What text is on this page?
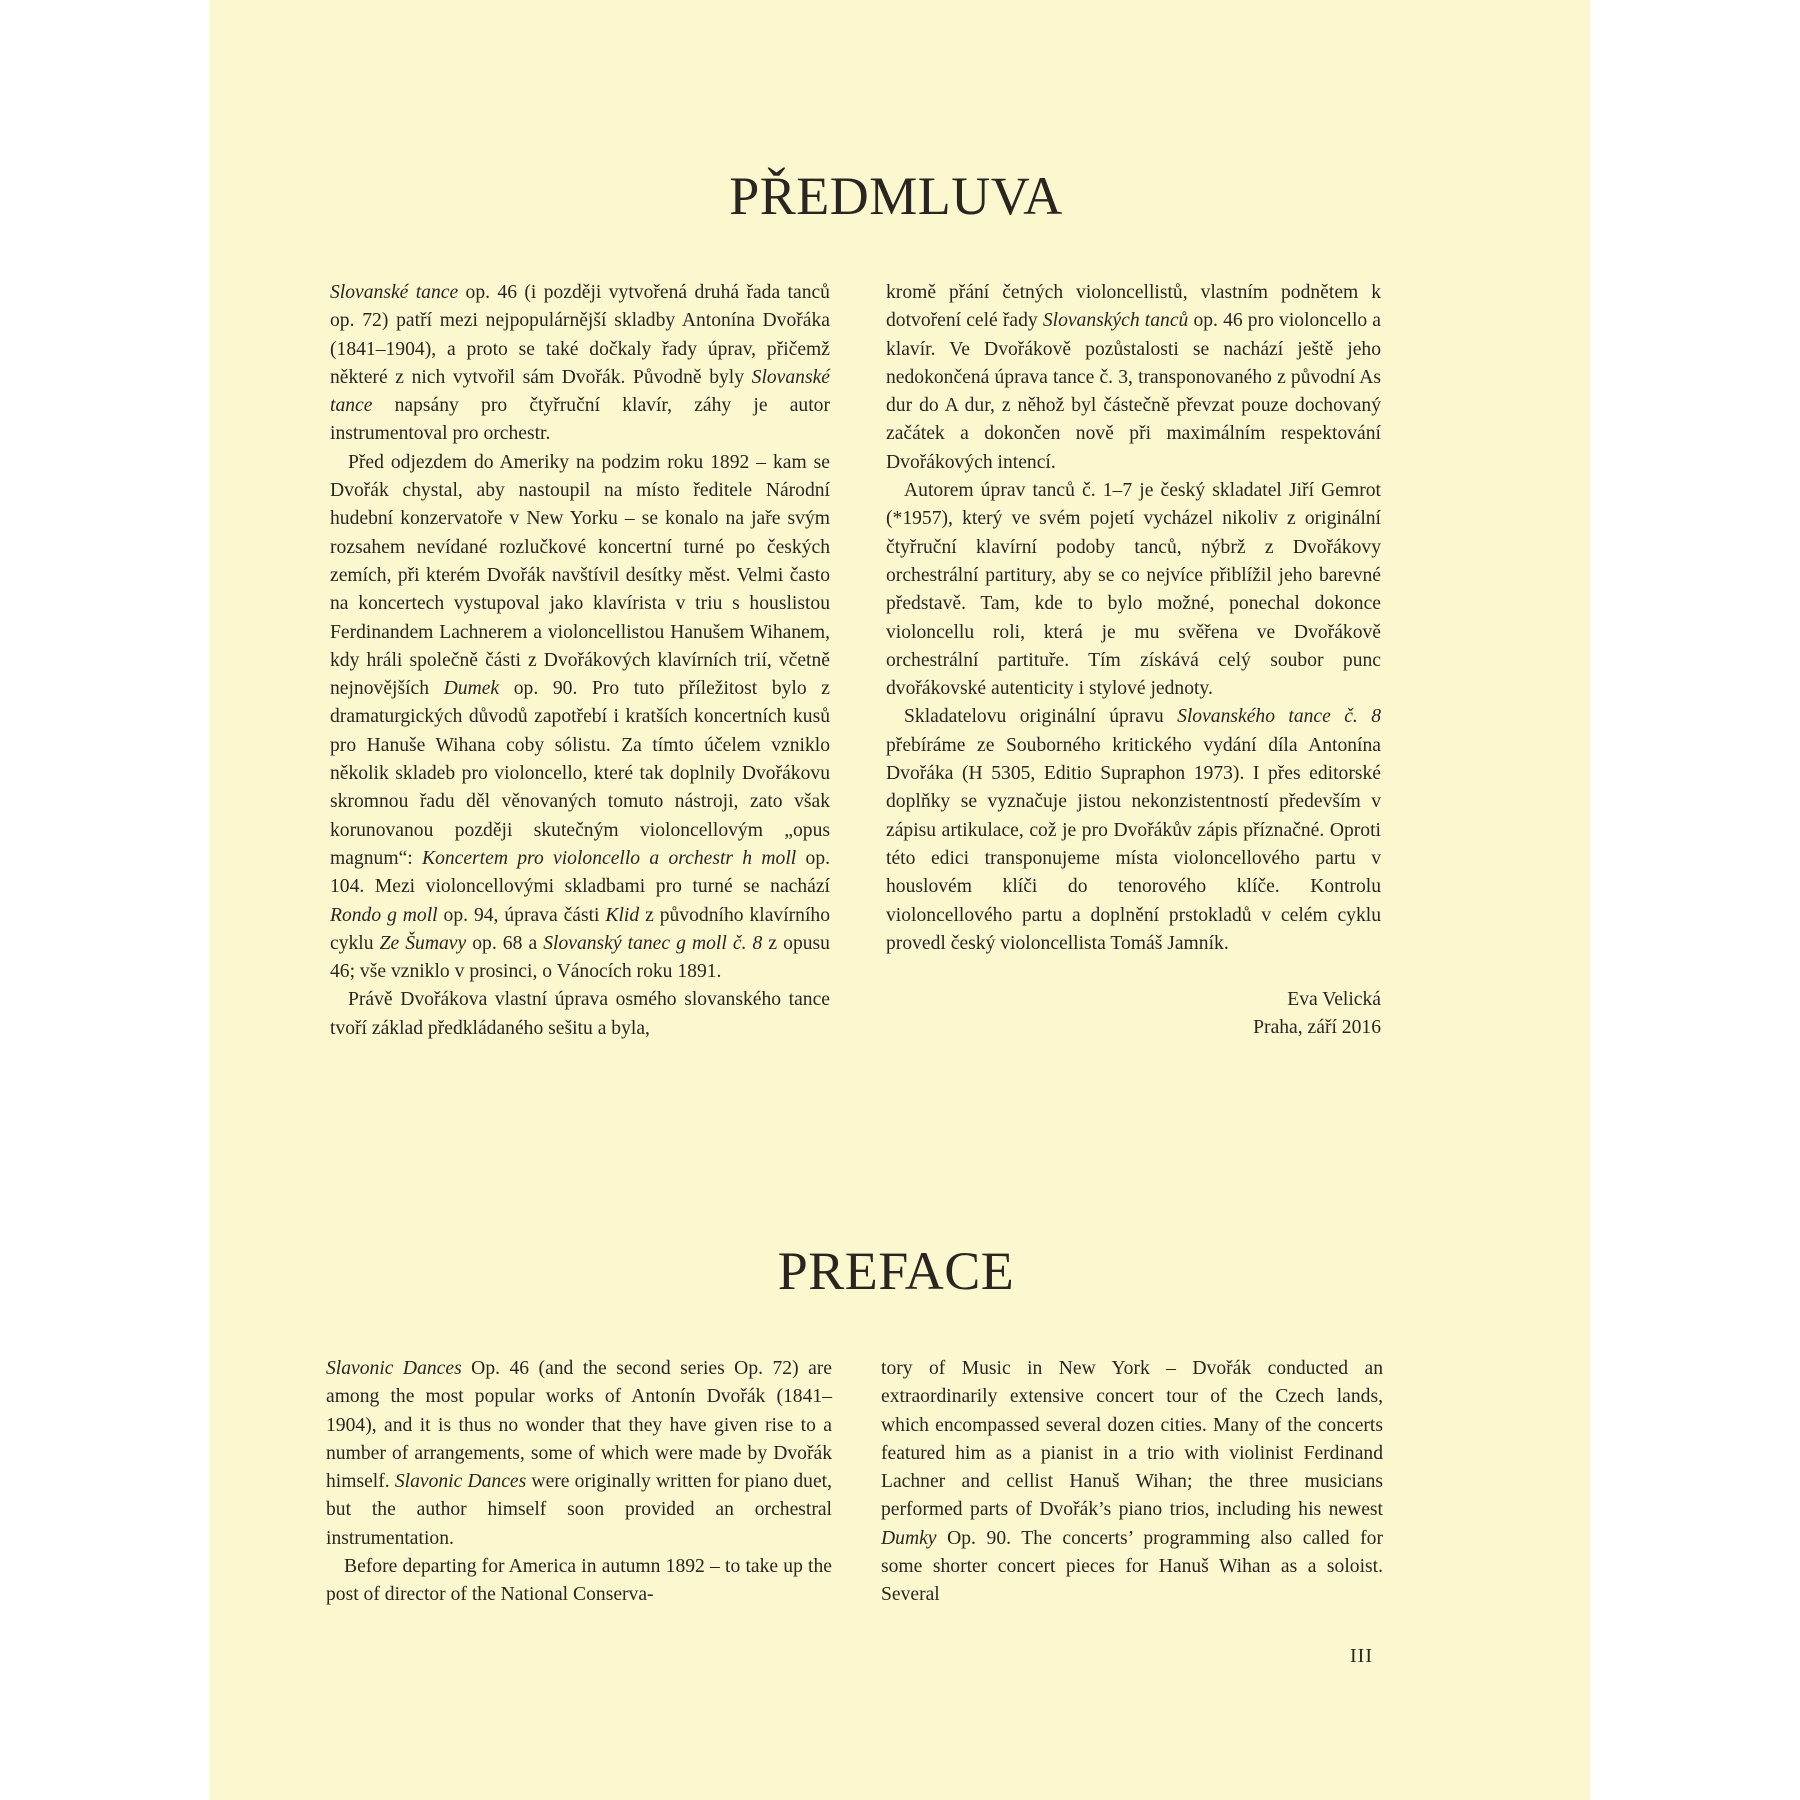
PŘEDMLUVA

Slovanské tance op. 46 (i později vytvořená druhá řada tanců op. 72) patří mezi nejpopulárnější skladby Antonína Dvořáka (1841–1904), a proto se také dočkaly řady úprav, přičemž některé z nich vytvořil sám Dvořák. Původně byly Slovanské tance napsány pro čtyřruční klavír, záhy je autor instrumentoval pro orchestr.

Před odjezdem do Ameriky na podzim roku 1892 – kam se Dvořák chystal, aby nastoupil na místo ředitele Národní hudební konzervatoře v New Yorku – se konalo na jaře svým rozsahem nevídané rozlučkové koncertní turné po českých zemích, při kterém Dvořák navštívil desítky měst. Velmi často na koncertech vystupoval jako klavírista v triu s houslistou Ferdinandem Lachnerem a violoncellistou Hanušem Wihanem, kdy hráli společně části z Dvořákových klavírních trií, včetně nejnovějších Dumek op. 90. Pro tuto příležitost bylo z dramaturgických důvodů zapotřebí i kratších koncertních kusů pro Hanuše Wihana coby sólistu. Za tímto účelem vzniklo několik skladeb pro violoncello, které tak doplnily Dvořákovu skromnou řadu děl věnovaných tomuto nástroji, zato však korunovanou později skutečným violoncellovým „opus magnum“: Koncertem pro violoncello a orchestr h moll op. 104. Mezi violoncellovými skladbami pro turné se nachází Rondo g moll op. 94, úprava části Klid z původního klavírního cyklu Ze Šumavy op. 68 a Slovanský tanec g moll č. 8 z opusu 46; vše vzniklo v prosinci, o Vánocích roku 1891.

Právě Dvořákova vlastní úprava osmého slovanského tance tvoří základ předkládaného sešitu a byla,

kromě přání četných violoncellistů, vlastním podnětem k dotvoření celé řady Slovanských tanců op. 46 pro violoncello a klavír. Ve Dvořákově pozůstalosti se nachází ještě jeho nedokončená úprava tance č. 3, transponovaného z původní As dur do A dur, z něhož byl částečně převzat pouze dochovaný začátek a dokončen nově při maximálním respektování Dvořákových intencí.

Autorem úprav tanců č. 1–7 je český skladatel Jiří Gemrot (*1957), který ve svém pojetí vycházel nikoliv z originální čtyřruční klavírní podoby tanců, nýbrž z Dvořákovy orchestrální partitury, aby se co nejvíce přiblížil jeho barevné představě. Tam, kde to bylo možné, ponechal dokonce violoncellu roli, která je mu svěřena ve Dvořákově orchestrální partituře. Tím získává celý soubor punc dvořákovské autenticity i stylové jednoty.

Skladatelovu originální úpravu Slovanského tance č. 8 přebíráme ze Souborného kritického vydání díla Antonína Dvořáka (H 5305, Editio Supraphon 1973). I přes editorské doplňky se vyznačuje jistou nekonzistentností především v zápisu artikulace, což je pro Dvořákův zápis příznačné. Oproti této edici transponujeme místa violoncellového partu v houslovém klíči do tenorového klíče. Kontrolu violoncellového partu a doplnění prstokladů v celém cyklu provedl český violoncellista Tomáš Jamník.

Eva Velická
Praha, září 2016

PREFACE

Slavonic Dances Op. 46 (and the second series Op. 72) are among the most popular works of Antonín Dvořák (1841–1904), and it is thus no wonder that they have given rise to a number of arrangements, some of which were made by Dvořák himself. Slavonic Dances were originally written for piano duet, but the author himself soon provided an orchestral instrumentation.

Before departing for America in autumn 1892 – to take up the post of director of the National Conserva-

tory of Music in New York – Dvořák conducted an extraordinarily extensive concert tour of the Czech lands, which encompassed several dozen cities. Many of the concerts featured him as a pianist in a trio with violinist Ferdinand Lachner and cellist Hanuš Wihan; the three musicians performed parts of Dvořák’s piano trios, including his newest Dumky Op. 90. The concerts’ programming also called for some shorter concert pieces for Hanuš Wihan as a soloist. Several

III
